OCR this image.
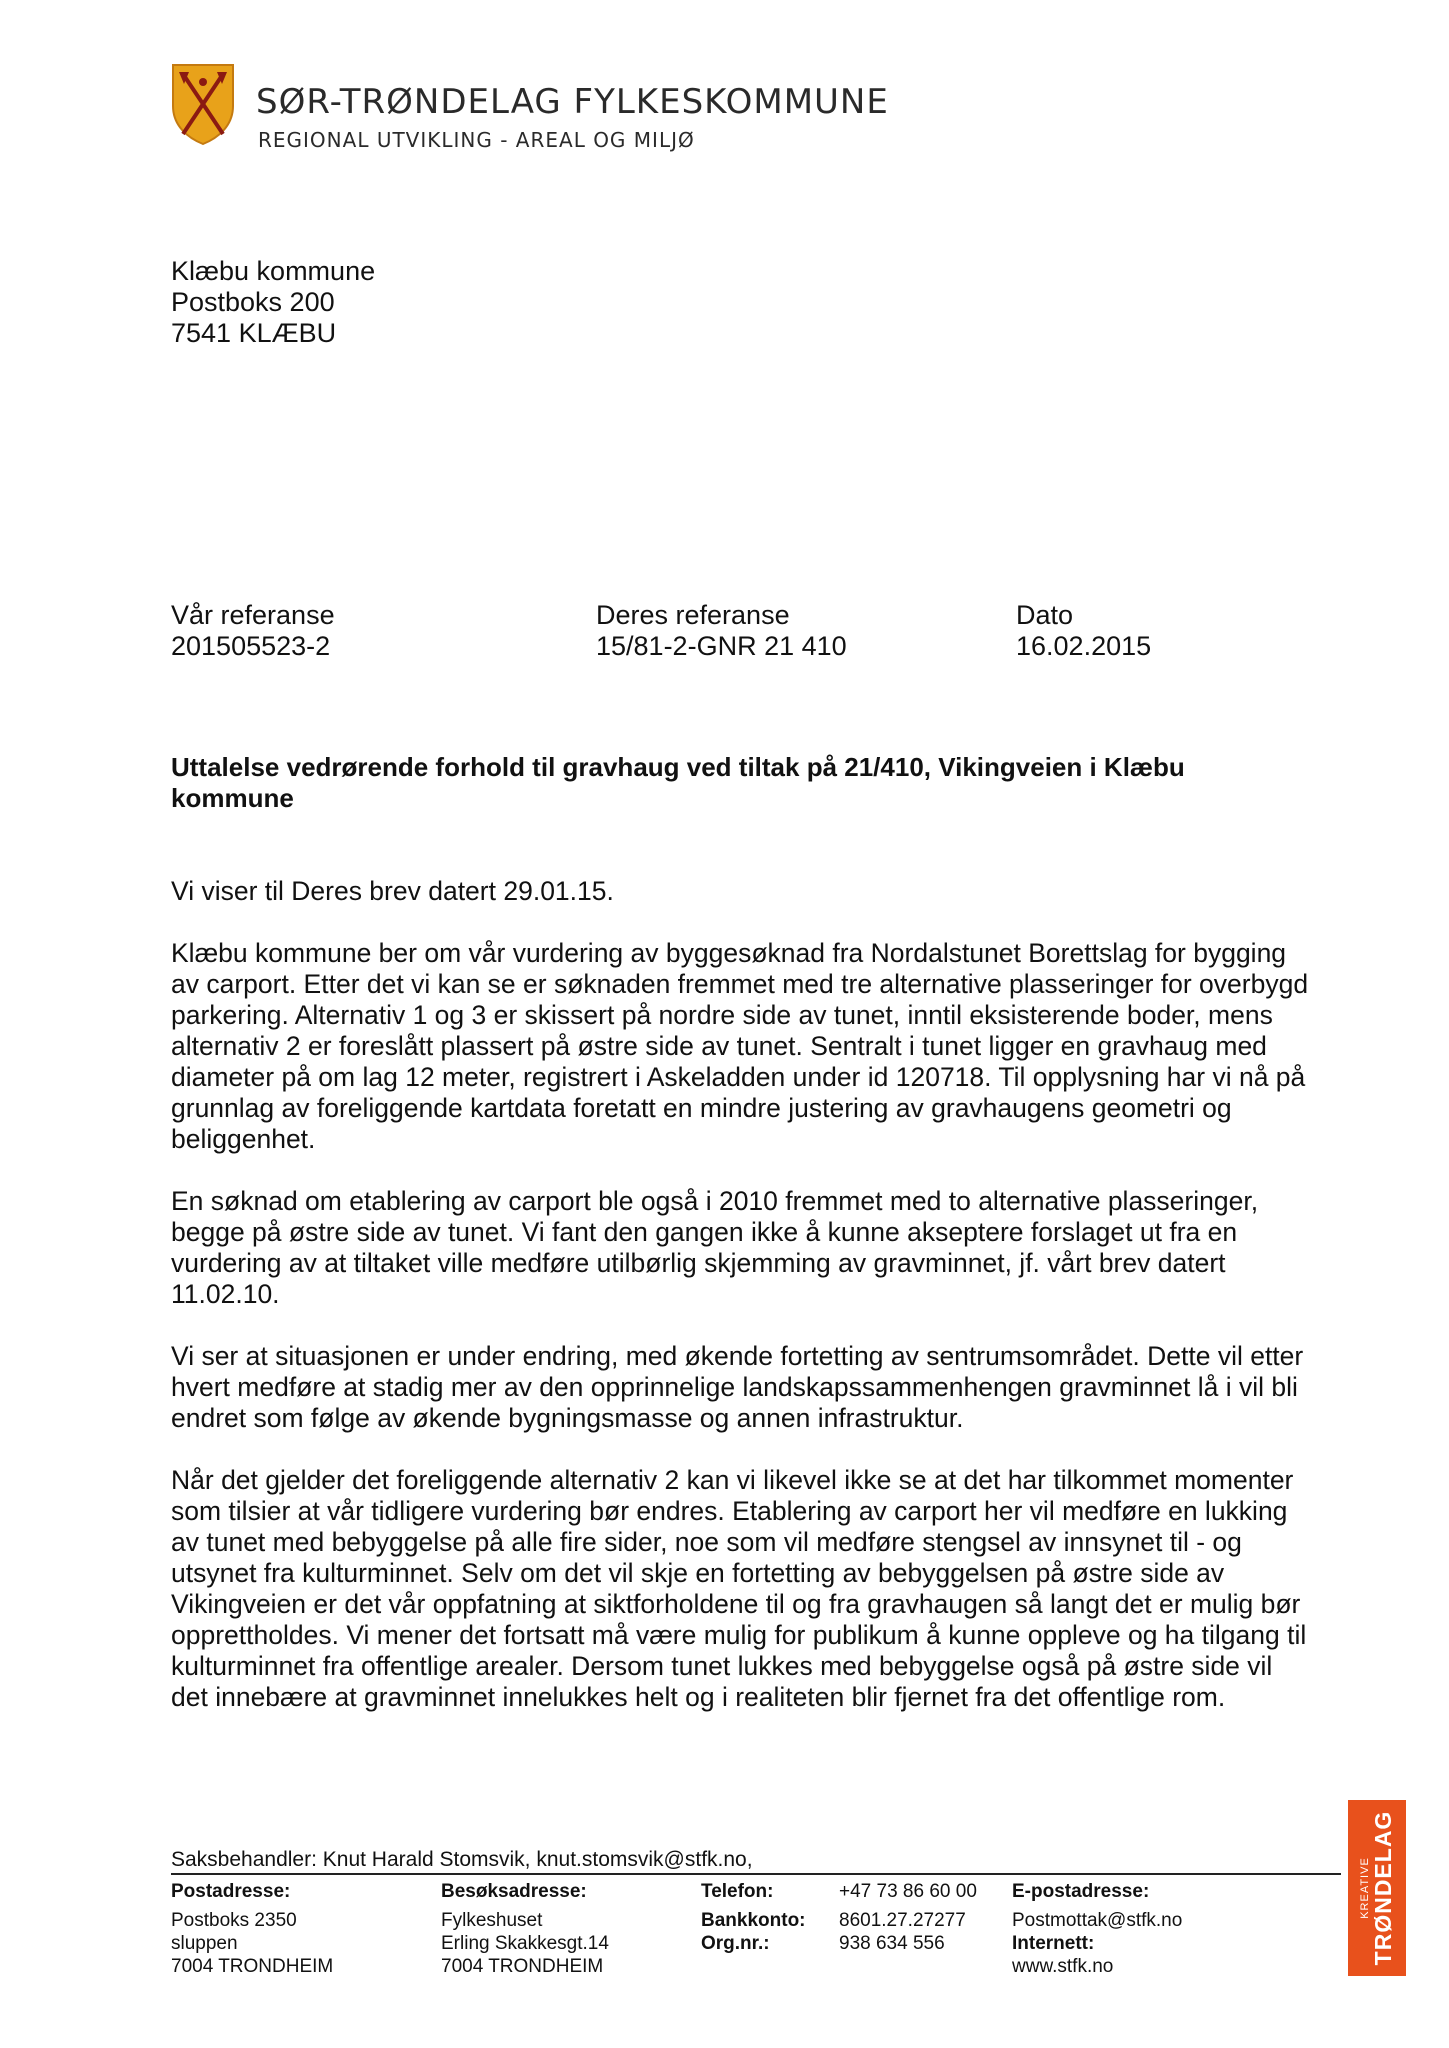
SØR-TRØNDELAG FYLKESKOMMUNE
REGIONAL UTVIKLING - AREAL OG MILJØ
Klæbu kommune
Postboks 200
7541 KLÆBU
Vår referanse
201505523-2
Deres referanse
15/81-2-GNR 21 410
Dato
16.02.2015
Uttalelse vedrørende forhold til gravhaug ved tiltak på 21/410, Vikingveien i Klæbu kommune

Vi viser til Deres brev datert 29.01.15.

Klæbu kommune ber om vår vurdering av byggesøknad fra Nordalstunet Borettslag for bygging av carport. Etter det vi kan se er søknaden fremmet med tre alternative plasseringer for overbygd parkering. Alternativ 1 og 3 er skissert på nordre side av tunet, inntil eksisterende boder, mens alternativ 2 er foreslått plassert på østre side av tunet. Sentralt i tunet ligger en gravhaug med diameter på om lag 12 meter, registrert i Askeladden under id 120718. Til opplysning har vi nå på grunnlag av foreliggende kartdata foretatt en mindre justering av gravhaugens geometri og beliggenhet.

En søknad om etablering av carport ble også i 2010 fremmet med to alternative plasseringer, begge på østre side av tunet. Vi fant den gangen ikke å kunne akseptere forslaget ut fra en vurdering av at tiltaket ville medføre utilbørlig skjemming av gravminnet, jf. vårt brev datert 11.02.10.

Vi ser at situasjonen er under endring, med økende fortetting av sentrumsområdet. Dette vil etter hvert medføre at stadig mer av den opprinnelige landskapssammenhengen gravminnet lå i vil bli endret som følge av økende bygningsmasse og annen infrastruktur.

Når det gjelder det foreliggende alternativ 2 kan vi likevel ikke se at det har tilkommet momenter som tilsier at vår tidligere vurdering bør endres. Etablering av carport her vil medføre en lukking av tunet med bebyggelse på alle fire sider, noe som vil medføre stengsel av innsynet til - og utsynet fra kulturminnet. Selv om det vil skje en fortetting av bebyggelsen på østre side av Vikingveien er det vår oppfatning at siktforholdene til og fra gravhaugen så langt det er mulig bør opprettholdes. Vi mener det fortsatt må være mulig for publikum å kunne oppleve og ha tilgang til kulturminnet fra offentlige arealer. Dersom tunet lukkes med bebyggelse også på østre side vil det innebære at gravminnet innelukkes helt og i realiteten blir fjernet fra det offentlige rom.

Saksbehandler: Knut Harald Stomsvik, knut.stomsvik@stfk.no,
Postadresse:
Postboks 2350
sluppen
7004 TRONDHEIM
Besøksadresse:
Fylkeshuset
Erling Skakkesgt.14
7004 TRONDHEIM
Telefon:
Bankkonto:
Org.nr.:
+47 73 86 60 00
8601.27.27277
938 634 556
E-postadresse:
Postmottak@stfk.no
Internett:
www.stfk.no
KREATIVE TRØNDELAG
